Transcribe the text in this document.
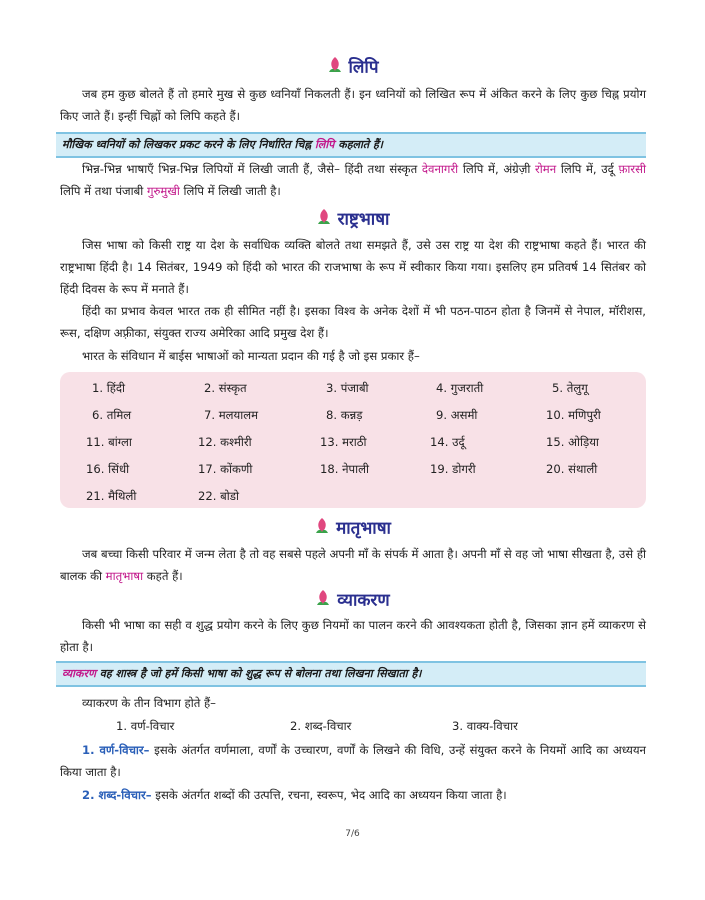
लिपि
जब हम कुछ बोलते हैं तो हमारे मुख से कुछ ध्वनियाँ निकलती हैं। इन ध्वनियों को लिखित रूप में अंकित करने के लिए कुछ चिह्न प्रयोग किए जाते हैं। इन्हीं चिह्नों को लिपि कहते हैं।
मौखिक ध्वनियों को लिखकर प्रकट करने के लिए निर्धारित चिह्न लिपि कहलाते हैं।
भिन्न-भिन्न भाषाएँ भिन्न-भिन्न लिपियों में लिखी जाती हैं, जैसे– हिंदी तथा संस्कृत देवनागरी लिपि में, अंग्रेज़ी रोमन लिपि में, उर्दू फ़ारसी लिपि में तथा पंजाबी गुरुमुखी लिपि में लिखी जाती है।
राष्ट्रभाषा
जिस भाषा को किसी राष्ट्र या देश के सर्वाधिक व्यक्ति बोलते तथा समझते हैं, उसे उस राष्ट्र या देश की राष्ट्रभाषा कहते हैं। भारत की राष्ट्रभाषा हिंदी है। 14 सितंबर, 1949 को हिंदी को भारत की राजभाषा के रूप में स्वीकार किया गया। इसलिए हम प्रतिवर्ष 14 सितंबर को हिंदी दिवस के रूप में मनाते हैं।
हिंदी का प्रभाव केवल भारत तक ही सीमित नहीं है। इसका विश्व के अनेक देशों में भी पठन-पाठन होता है जिनमें से नेपाल, मॉरीशस, रूस, दक्षिण अफ़्रीका, संयुक्त राज्य अमेरिका आदि प्रमुख देश हैं।
भारत के संविधान में बाईस भाषाओं को मान्यता प्रदान की गई है जो इस प्रकार हैं–
1. हिंदी	2. संस्कृत	3. पंजाबी	4. गुजराती	5. तेलुगू
6. तमिल	7. मलयालम	8. कन्नड़	9. असमी	10. मणिपुरी
11. बांग्ला	12. कश्मीरी	13. मराठी	14. उर्दू	15. ओड़िया
16. सिंधी	17. कोंकणी	18. नेपाली	19. डोगरी	20. संथाली
21. मैथिली	22. बोडो
मातृभाषा
जब बच्चा किसी परिवार में जन्म लेता है तो वह सबसे पहले अपनी माँ के संपर्क में आता है। अपनी माँ से वह जो भाषा सीखता है, उसे ही बालक की मातृभाषा कहते हैं।
व्याकरण
किसी भी भाषा का सही व शुद्ध प्रयोग करने के लिए कुछ नियमों का पालन करने की आवश्यकता होती है, जिसका ज्ञान हमें व्याकरण से होता है।
व्याकरण वह शास्त्र है जो हमें किसी भाषा को शुद्ध रूप से बोलना तथा लिखना सिखाता है।
व्याकरण के तीन विभाग होते हैं–
1. वर्ण-विचार	2. शब्द-विचार	3. वाक्य-विचार
1. वर्ण-विचार– इसके अंतर्गत वर्णमाला, वर्णों के उच्चारण, वर्णों के लिखने की विधि, उन्हें संयुक्त करने के नियमों आदि का अध्ययन किया जाता है।
2. शब्द-विचार– इसके अंतर्गत शब्दों की उत्पत्ति, रचना, स्वरूप, भेद आदि का अध्ययन किया जाता है।
7/6
